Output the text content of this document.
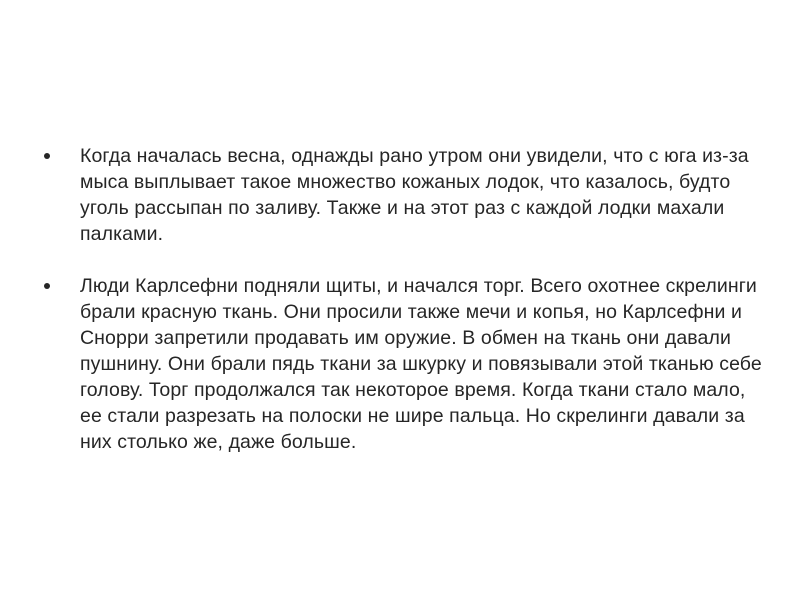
Когда началась весна, однажды рано утром они увидели, что с юга из-за мыса выплывает такое множество кожаных лодок, что казалось, будто уголь рассыпан по заливу. Также и на этот раз с каждой лодки махали палками.
Люди Карлсефни подняли щиты, и начался торг. Всего охотнее скрелинги брали красную ткань. Они просили также мечи и копья, но Карлсефни и Снорри запретили продавать им оружие. В обмен на ткань они давали пушнину. Они брали пядь ткани за шкурку и повязывали этой тканью себе голову. Торг продолжался так некоторое время. Когда ткани стало мало, ее стали разрезать на полоски не шире пальца. Но скрелинги давали за них столько же, даже больше.
